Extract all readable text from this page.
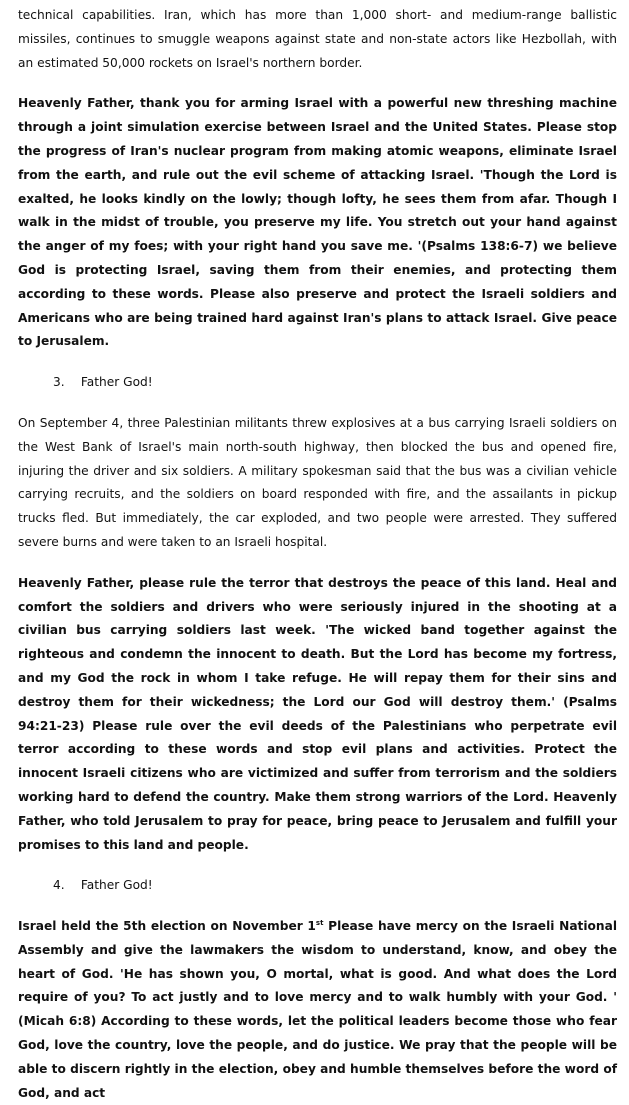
technical capabilities. Iran, which has more than 1,000 short- and medium-range ballistic missiles, continues to smuggle weapons against state and non-state actors like Hezbollah, with an estimated 50,000 rockets on Israel's northern border.

Heavenly Father, thank you for arming Israel with a powerful new threshing machine through a joint simulation exercise between Israel and the United States. Please stop the progress of Iran's nuclear program from making atomic weapons, eliminate Israel from the earth, and rule out the evil scheme of attacking Israel. 'Though the Lord is exalted, he looks kindly on the lowly; though lofty, he sees them from afar. Though I walk in the midst of trouble, you preserve my life. You stretch out your hand against the anger of my foes; with your right hand you save me. '(Psalms 138:6-7) we believe God is protecting Israel, saving them from their enemies, and protecting them according to these words. Please also preserve and protect the Israeli soldiers and Americans who are being trained hard against Iran's plans to attack Israel. Give peace to Jerusalem.

3. Father God!

On September 4, three Palestinian militants threw explosives at a bus carrying Israeli soldiers on the West Bank of Israel's main north-south highway, then blocked the bus and opened fire, injuring the driver and six soldiers. A military spokesman said that the bus was a civilian vehicle carrying recruits, and the soldiers on board responded with fire, and the assailants in pickup trucks fled. But immediately, the car exploded, and two people were arrested. They suffered severe burns and were taken to an Israeli hospital.

Heavenly Father, please rule the terror that destroys the peace of this land. Heal and comfort the soldiers and drivers who were seriously injured in the shooting at a civilian bus carrying soldiers last week. 'The wicked band together against the righteous and condemn the innocent to death. But the Lord has become my fortress, and my God the rock in whom I take refuge. He will repay them for their sins and destroy them for their wickedness; the Lord our God will destroy them.' (Psalms 94:21-23) Please rule over the evil deeds of the Palestinians who perpetrate evil terror according to these words and stop evil plans and activities. Protect the innocent Israeli citizens who are victimized and suffer from terrorism and the soldiers working hard to defend the country. Make them strong warriors of the Lord. Heavenly Father, who told Jerusalem to pray for peace, bring peace to Jerusalem and fulfill your promises to this land and people.

4. Father God!

Israel held the 5th election on November 1st Please have mercy on the Israeli National Assembly and give the lawmakers the wisdom to understand, know, and obey the heart of God. 'He has shown you, O mortal, what is good. And what does the Lord require of you? To act justly and to love mercy and to walk humbly with your God. ' (Micah 6:8) According to these words, let the political leaders become those who fear God, love the country, love the people, and do justice. We pray that the people will be able to discern rightly in the election, obey and humble themselves before the word of God, and act
